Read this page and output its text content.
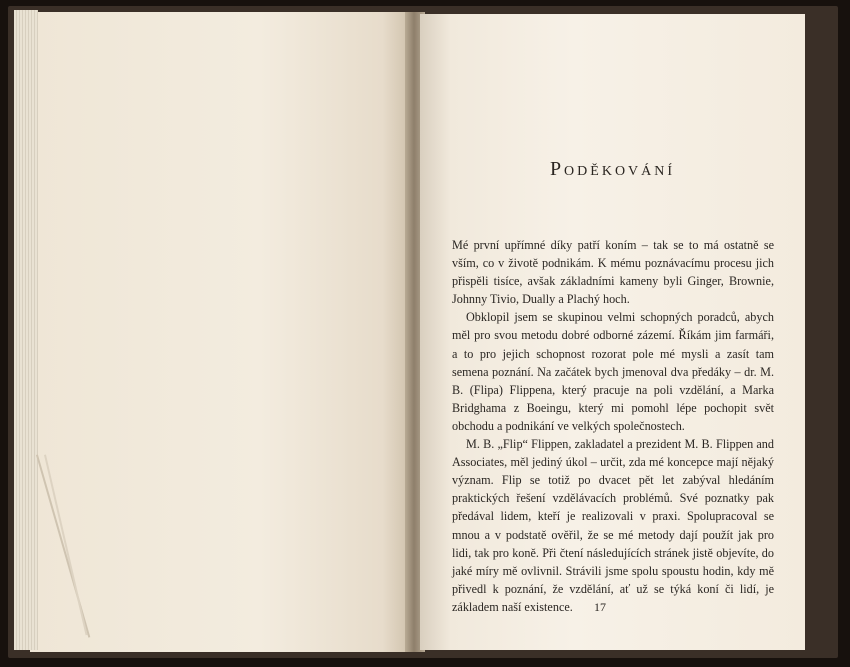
Poděkování

Mé první upřímné díky patří koním – tak se to má ostatně se vším, co v životě podnikám. K mému poznávacímu procesu jich přispěli tisíce, avšak základními kameny byli Ginger, Brownie, Johnny Tivio, Dually a Plachý hoch.

Obklopil jsem se skupinou velmi schopných poradců, abych měl pro svou metodu dobré odborné zázemí. Říkám jim farmáři, a to pro jejich schopnost rozorat pole mé mysli a zasít tam semena poznání. Na začátek bych jmenoval dva předáky – dr. M. B. (Flipa) Flippena, který pracuje na poli vzdělání, a Marka Bridghama z Boeingu, který mi pomohl lépe pochopit svět obchodu a podnikání ve velkých společnostech.

M. B. „Flip“ Flippen, zakladatel a prezident M. B. Flippen and Associates, měl jediný úkol – určit, zda mé koncepce mají nějaký význam. Flip se totiž po dvacet pět let zabýval hledáním praktických řešení vzdělávacích problémů. Své poznatky pak předával lidem, kteří je realizovali v praxi. Spolupracoval se mnou a v podstatě ověřil, že se mé metody dají použít jak pro lidi, tak pro koně. Při čtení následujících stránek jistě objevíte, do jaké míry mě ovlivnil. Strávili jsme spolu spoustu hodin, kdy mě přivedl k poznání, že vzdělání, ať už se týká koní či lidí, je základem naší existence.	17
